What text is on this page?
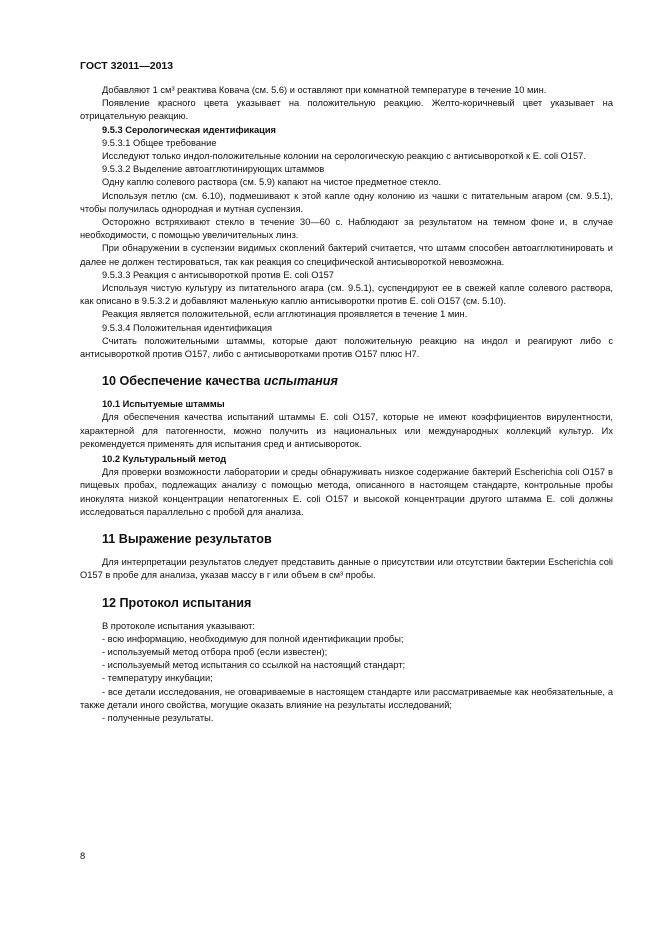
ГОСТ 32011—2013

Добавляют 1 см³ реактива Ковача (см. 5.6) и оставляют при комнатной температуре в течение 10 мин.

Появление красного цвета указывает на положительную реакцию. Желто-коричневый цвет указывает на отрицательную реакцию.

9.5.3 Серологическая идентификация

9.5.3.1 Общее требование

Исследуют только индол-положительные колонии на серологическую реакцию с антисывороткой к E. coli O157.

9.5.3.2 Выделение автоагглютинирующих штаммов

Одну каплю солевого раствора (см. 5.9) капают на чистое предметное стекло.

Используя петлю (см. 6.10), подмешивают к этой капле одну колонию из чашки с питательным агаром (см. 9.5.1), чтобы получилась однородная и мутная суспензия.

Осторожно встряхивают стекло в течение 30—60 с. Наблюдают за результатом на темном фоне и, в случае необходимости, с помощью увеличительных линз.

При обнаружении в суспензии видимых скоплений бактерий считается, что штамм способен автоагглютинировать и далее не должен тестироваться, так как реакция со специфической антисывороткой невозможна.

9.5.3.3 Реакция с антисывороткой против E. coli O157

Используя чистую культуру из питательного агара (см. 9.5.1), суспендируют ее в свежей капле солевого раствора, как описано в 9.5.3.2 и добавляют маленькую каплю антисыворотки против E. coli O157 (см. 5.10).

Реакция является положительной, если агглютинация проявляется в течение 1 мин.

9.5.3.4 Положительная идентификация

Считать положительными штаммы, которые дают положительную реакцию на индол и реагируют либо с антисывороткой против O157, либо с антисыворотками против O157 плюс H7.

10 Обеспечение качества испытания

10.1 Испытуемые штаммы

Для обеспечения качества испытаний штаммы E. coli O157, которые не имеют коэффициентов вирулентности, характерной для патогенности, можно получить из национальных или международных коллекций культур. Их рекомендуется применять для испытания сред и антисывороток.

10.2 Культуральный метод

Для проверки возможности лаборатории и среды обнаруживать низкое содержание бактерий Escherichia coli O157 в пищевых пробах, подлежащих анализу с помощью метода, описанного в настоящем стандарте, контрольные пробы инокулята низкой концентрации непатогенных E. coli O157 и высокой концентрации другого штамма E. coli должны исследоваться параллельно с пробой для анализа.

11 Выражение результатов

Для интерпретации результатов следует представить данные о присутствии или отсутствии бактерии Escherichia coli O157 в пробе для анализа, указав массу в г или объем в см³ пробы.

12 Протокол испытания

В протоколе испытания указывают:

- всю информацию, необходимую для полной идентификации пробы;

- используемый метод отбора проб (если известен);

- используемый метод испытания со ссылкой на настоящий стандарт;

- температуру инкубации;

- все детали исследования, не оговариваемые в настоящем стандарте или рассматриваемые как необязательные, а также детали иного свойства, могущие оказать влияние на результаты исследований;

- полученные результаты.

8
